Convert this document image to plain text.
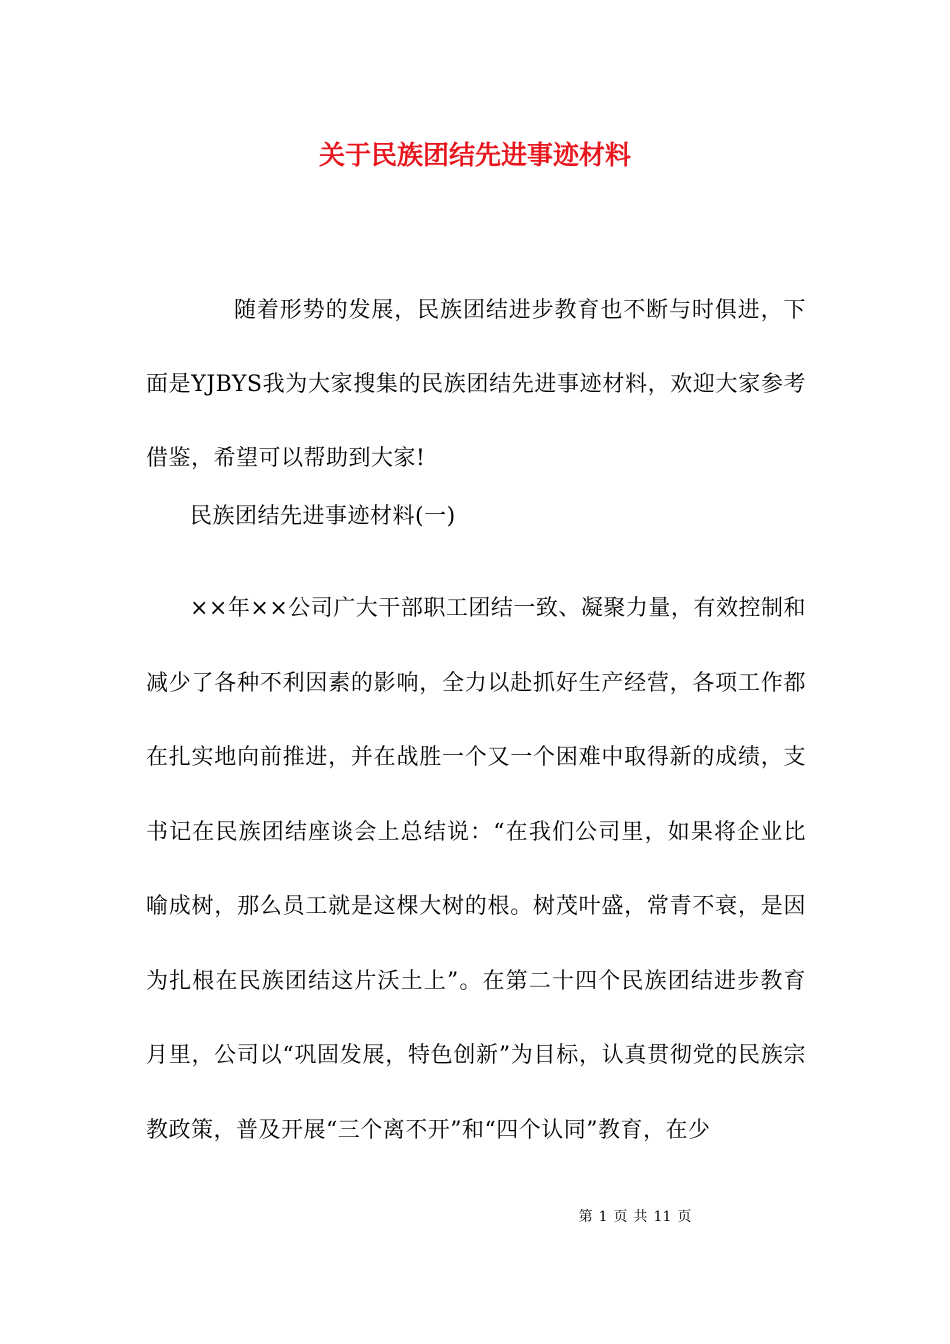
关于民族团结先进事迹材料

随着形势的发展，民族团结进步教育也不断与时俱进，下面是YJBYS我为大家搜集的民族团结先进事迹材料，欢迎大家参考借鉴，希望可以帮助到大家!

民族团结先进事迹材料(一)

××年××公司广大干部职工团结一致、凝聚力量，有效控制和减少了各种不利因素的影响，全力以赴抓好生产经营，各项工作都在扎实地向前推进，并在战胜一个又一个困难中取得新的成绩，支书记在民族团结座谈会上总结说：“在我们公司里，如果将企业比喻成树，那么员工就是这棵大树的根。树茂叶盛，常青不衰，是因为扎根在民族团结这片沃土上”。在第二十四个民族团结进步教育月里，公司以“巩固发展，特色创新”为目标，认真贯彻党的民族宗教政策，普及开展“三个离不开”和“四个认同”教育，在少

第 1 页 共 11 页
